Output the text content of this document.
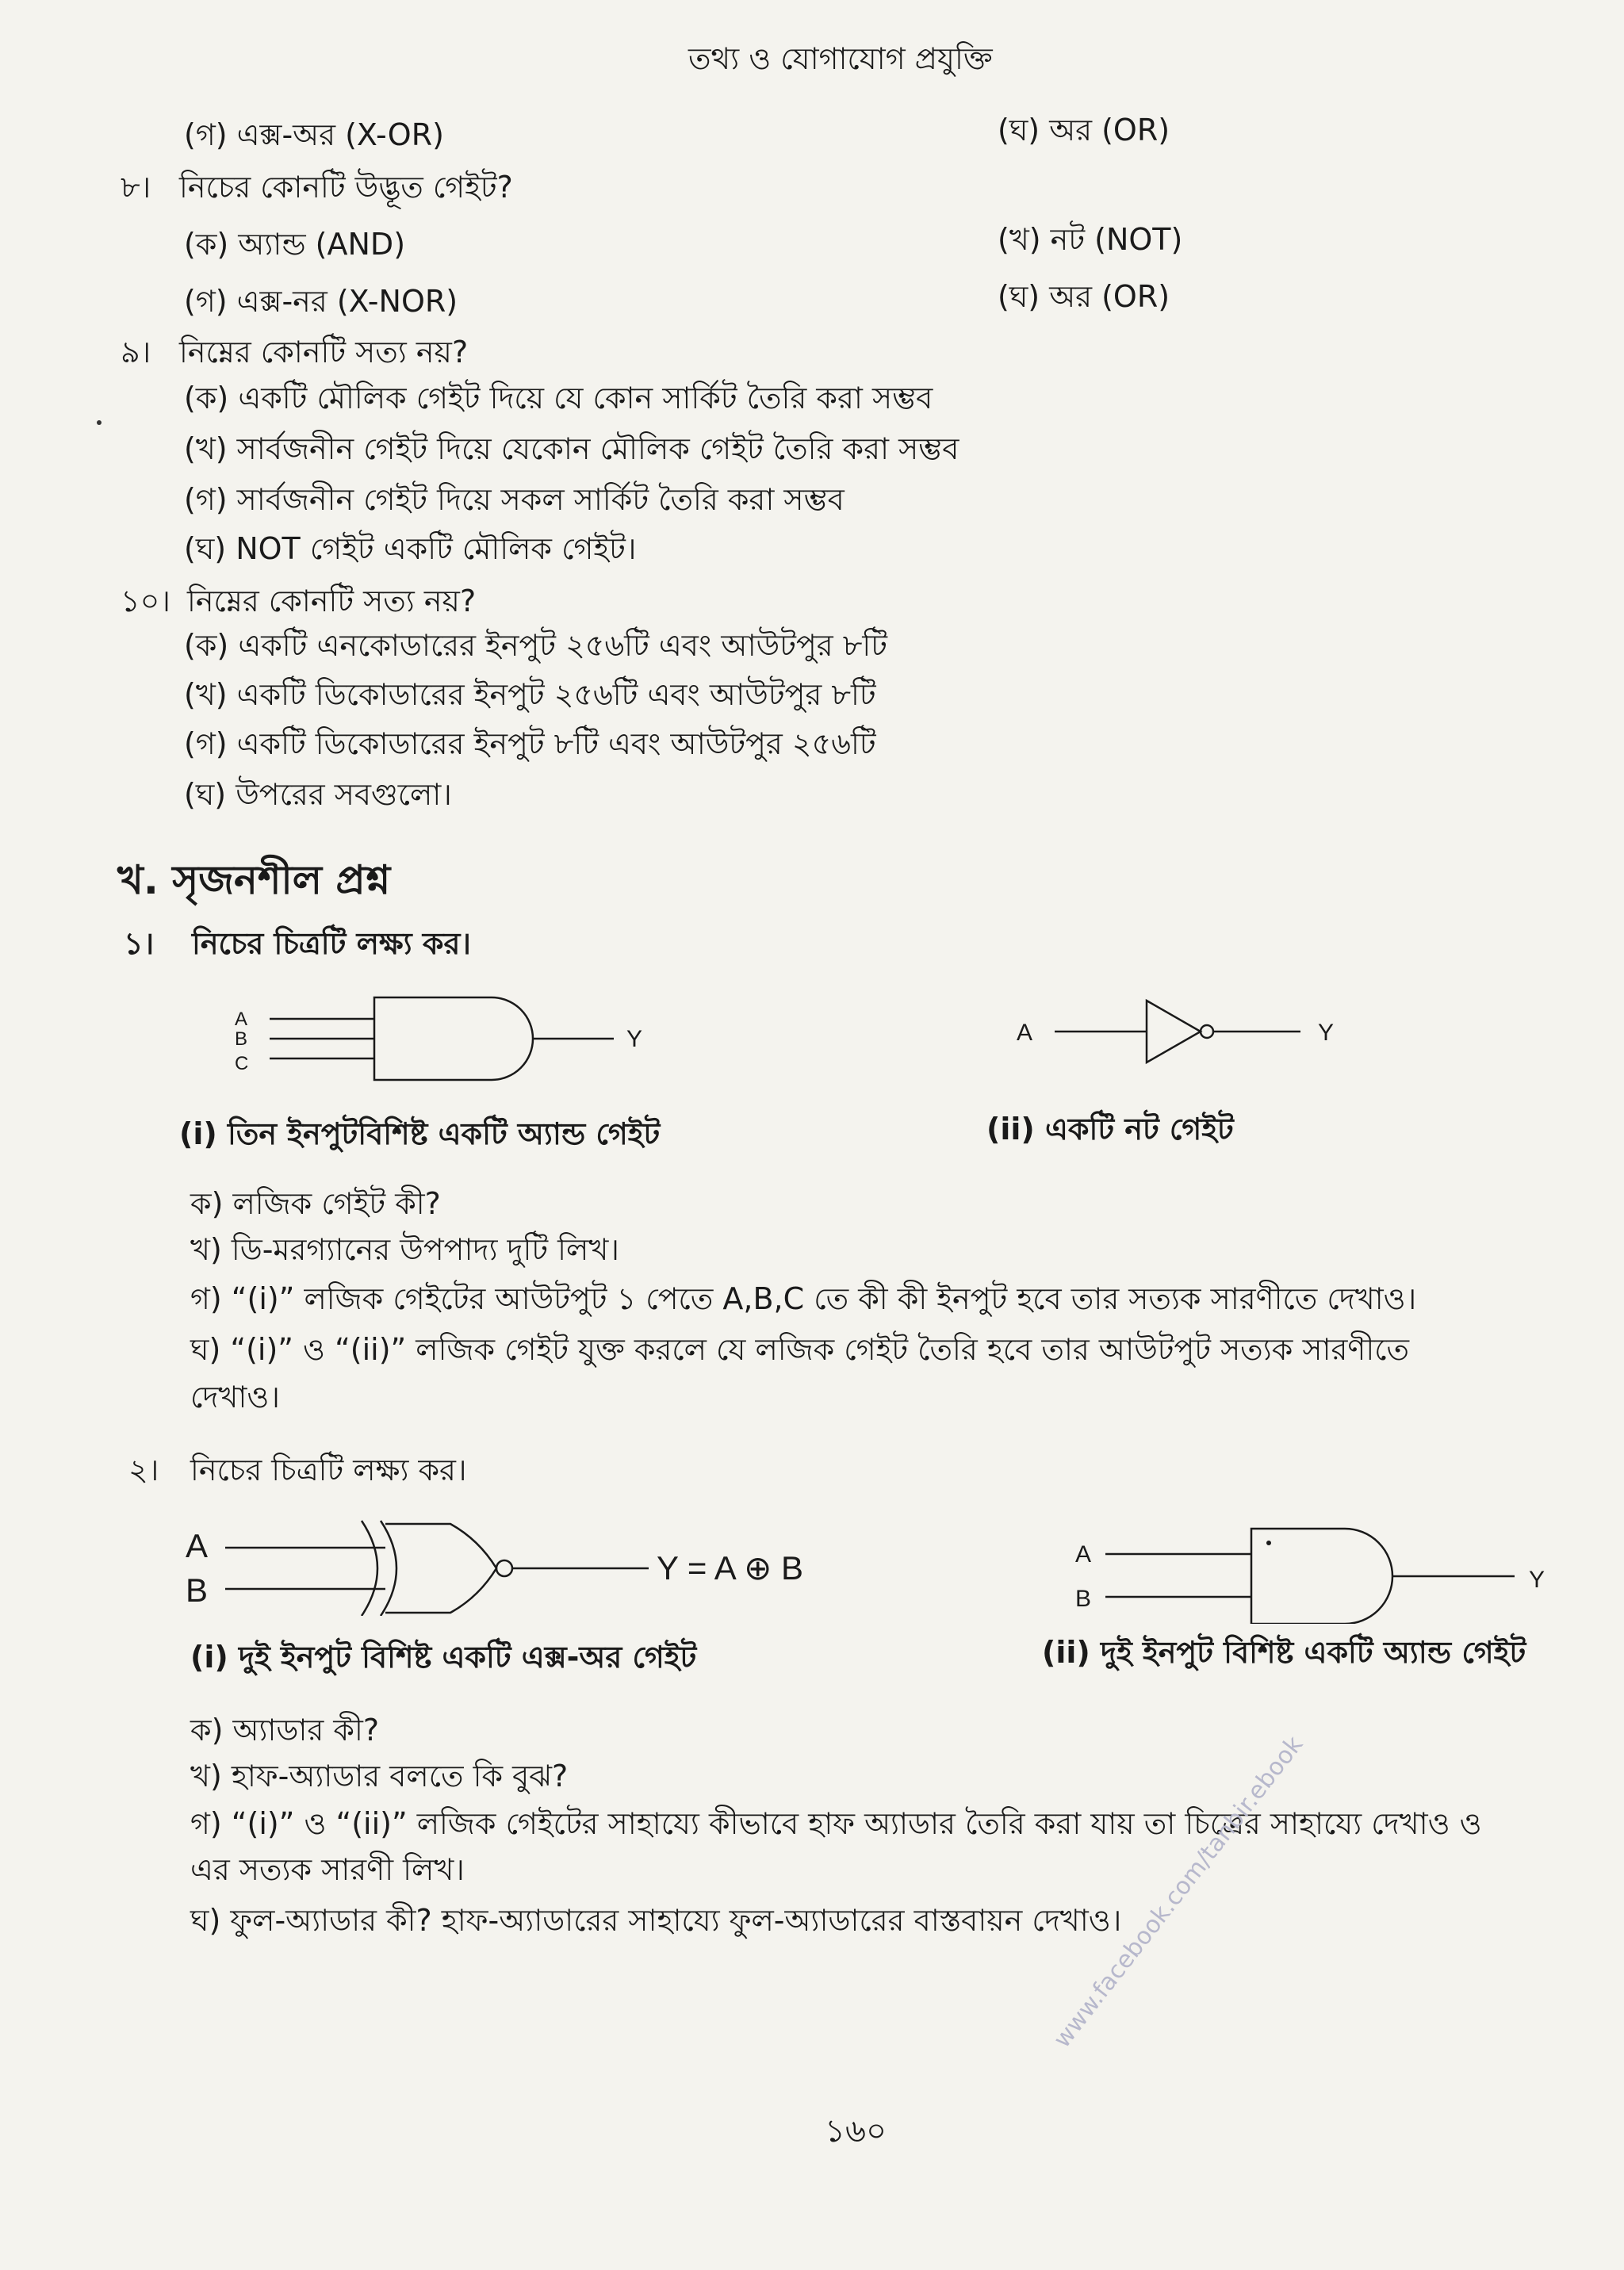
তথ্য ও যোগাযোগ প্রযুক্তি
(গ) এক্স-অর (X-OR)	(ঘ) অর (OR)
৮। নিচের কোনটি উদ্ভূত গেইট?
(ক) অ্যান্ড (AND)	(খ) নট (NOT)
(গ) এক্স-নর (X-NOR)	(ঘ) অর (OR)
৯। নিম্নের কোনটি সত্য নয়?
(ক) একটি মৌলিক গেইট দিয়ে যে কোন সার্কিট তৈরি করা সম্ভব
(খ) সার্বজনীন গেইট দিয়ে যেকোন মৌলিক গেইট তৈরি করা সম্ভব
(গ) সার্বজনীন গেইট দিয়ে সকল সার্কিট তৈরি করা সম্ভব
(ঘ) NOT গেইট একটি মৌলিক গেইট।
১০। নিম্নের কোনটি সত্য নয়?
(ক) একটি এনকোডারের ইনপুট ২৫৬টি এবং আউটপুর ৮টি
(খ) একটি ডিকোডারের ইনপুট ২৫৬টি এবং আউটপুর ৮টি
(গ) একটি ডিকোডারের ইনপুট ৮টি এবং আউটপুর ২৫৬টি
(ঘ) উপরের সবগুলো।
খ. সৃজনশীল প্রশ্ন
১। নিচের চিত্রটি লক্ষ্য কর।
A
B
C
Y	A	Y
(i) তিন ইনপুটবিশিষ্ট একটি অ্যান্ড গেইট	(ii) একটি নট গেইট
ক) লজিক গেইট কী?
খ) ডি-মরগ্যানের উপপাদ্য দুটি লিখ।
গ) “(i)” লজিক গেইটের আউটপুট ১ পেতে A,B,C তে কী কী ইনপুট হবে তার সত্যক সারণীতে দেখাও।
ঘ) “(i)” ও “(ii)” লজিক গেইট যুক্ত করলে যে লজিক গেইট তৈরি হবে তার আউটপুট সত্যক সারণীতে
দেখাও।
২। নিচের চিত্রটি লক্ষ্য কর।
A
B
Y = A ⊕ B	A
B
Y
(i) দুই ইনপুট বিশিষ্ট একটি এক্স-অর গেইট	(ii) দুই ইনপুট বিশিষ্ট একটি অ্যান্ড গেইট
ক) অ্যাডার কী?
খ) হাফ-অ্যাডার বলতে কি বুঝ?
গ) “(i)” ও “(ii)” লজিক গেইটের সাহায্যে কীভাবে হাফ অ্যাডার তৈরি করা যায় তা চিত্রের সাহায্যে দেখাও ও
এর সত্যক সারণী লিখ।
ঘ) ফুল-অ্যাডার কী? হাফ-অ্যাডারের সাহায্যে ফুল-অ্যাডারের বাস্তবায়ন দেখাও।
www.facebook.com/tanbir.ebook
১৬০
